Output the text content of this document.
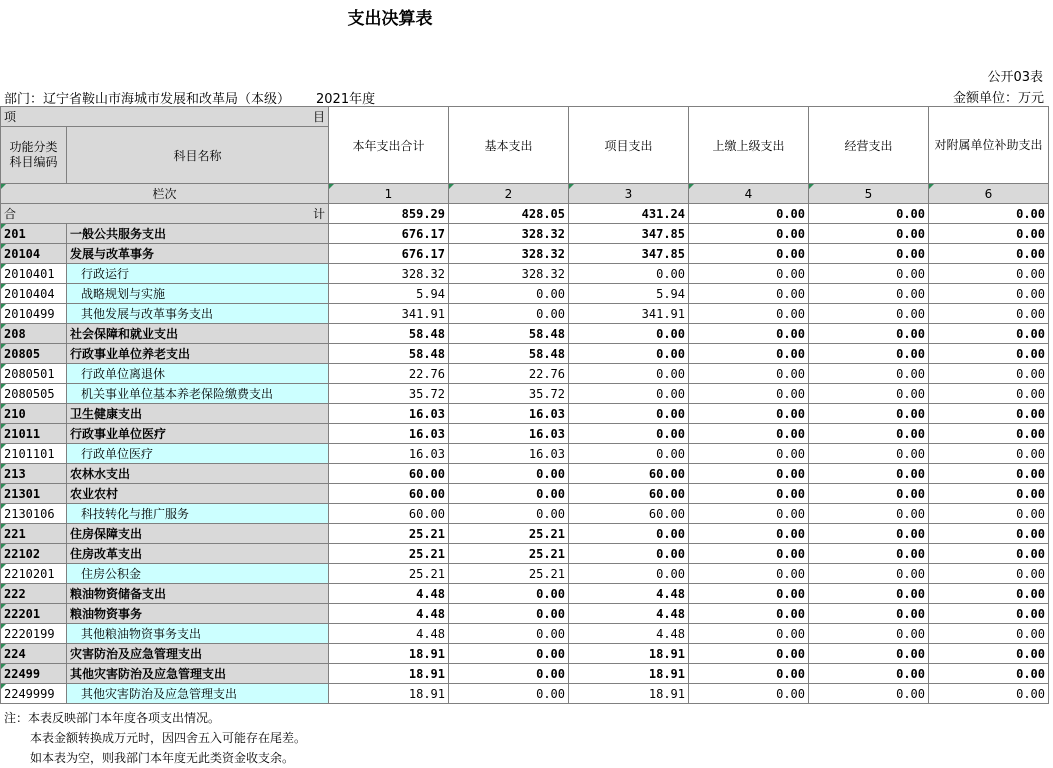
支出决算表
公开03表
部门：辽宁省鞍山市海城市发展和改革局（本级） 2021年度	金额单位：万元
项 目		本年支出合计	基本支出	项目支出	上缴上级支出	经营支出	对附属单位补助支出
功能分类
科目编码	科目名称						
栏次		1	2	3	4	5	6

合 计		859.29	428.05	431.24	0.00	0.00	0.00
201	一般公共服务支出	676.17	328.32	347.85	0.00	0.00	0.00
20104	发展与改革事务	676.17	328.32	347.85	0.00	0.00	0.00
2010401	行政运行	328.32	328.32	0.00	0.00	0.00	0.00
2010404	战略规划与实施	5.94	0.00	5.94	0.00	0.00	0.00
2010499	其他发展与改革事务支出	341.91	0.00	341.91	0.00	0.00	0.00
208	社会保障和就业支出	58.48	58.48	0.00	0.00	0.00	0.00
20805	行政事业单位养老支出	58.48	58.48	0.00	0.00	0.00	0.00
2080501	行政单位离退休	22.76	22.76	0.00	0.00	0.00	0.00
2080505	机关事业单位基本养老保险缴费支出	35.72	35.72	0.00	0.00	0.00	0.00
210	卫生健康支出	16.03	16.03	0.00	0.00	0.00	0.00
21011	行政事业单位医疗	16.03	16.03	0.00	0.00	0.00	0.00
2101101	行政单位医疗	16.03	16.03	0.00	0.00	0.00	0.00
213	农林水支出	60.00	0.00	60.00	0.00	0.00	0.00
21301	农业农村	60.00	0.00	60.00	0.00	0.00	0.00
2130106	科技转化与推广服务	60.00	0.00	60.00	0.00	0.00	0.00
221	住房保障支出	25.21	25.21	0.00	0.00	0.00	0.00
22102	住房改革支出	25.21	25.21	0.00	0.00	0.00	0.00
2210201	住房公积金	25.21	25.21	0.00	0.00	0.00	0.00
222	粮油物资储备支出	4.48	0.00	4.48	0.00	0.00	0.00
22201	粮油物资事务	4.48	0.00	4.48	0.00	0.00	0.00
2220199	其他粮油物资事务支出	4.48	0.00	4.48	0.00	0.00	0.00
224	灾害防治及应急管理支出	18.91	0.00	18.91	0.00	0.00	0.00
22499	其他灾害防治及应急管理支出	18.91	0.00	18.91	0.00	0.00	0.00
2249999	其他灾害防治及应急管理支出	18.91	0.00	18.91	0.00	0.00	0.00
注：本表反映部门本年度各项支出情况。
本表金额转换成万元时，因四舍五入可能存在尾差。
如本表为空，则我部门本年度无此类资金收支余。
